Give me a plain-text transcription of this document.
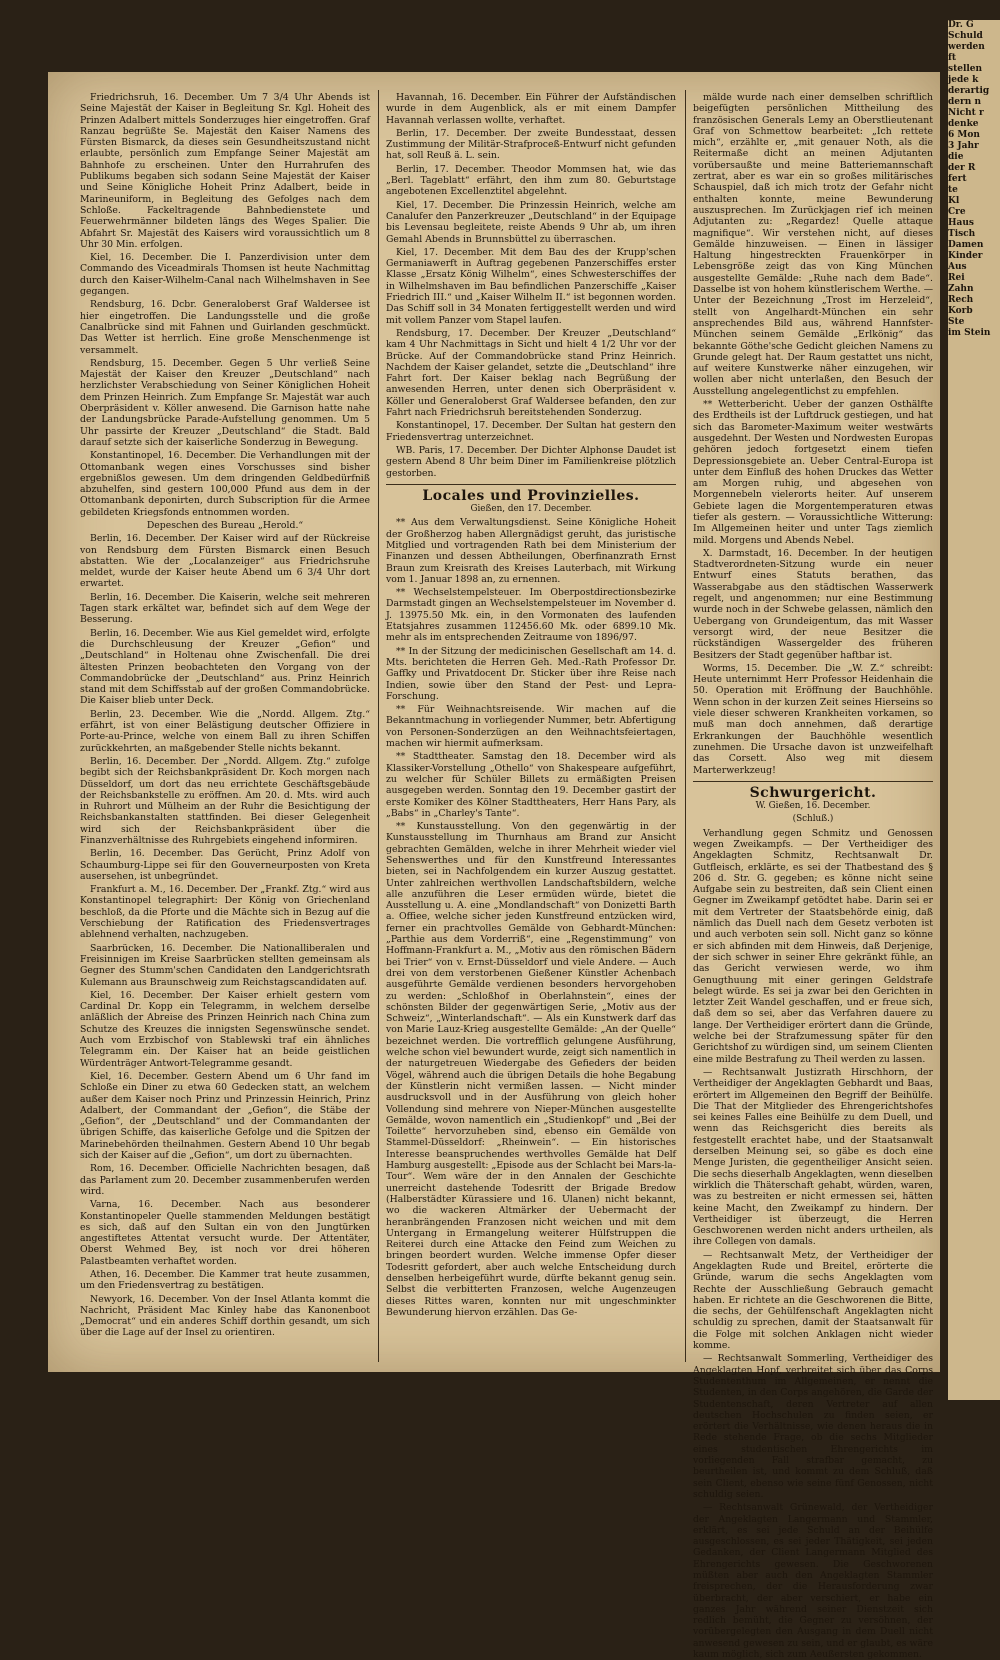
Friedrichsruh, 16. December. Um 7 3/4 Uhr Abends ist Seine Majestät der Kaiser in Begleitung Sr. Kgl. Hoheit des Prinzen Adalbert mittels Sonderzuges hier eingetroffen. Graf Ranzau begrüßte Se. Majestät den Kaiser Namens des Fürsten Bismarck, da dieses sein Gesundheitszustand nicht erlaubte, persönlich zum Empfange Seiner Majestät am Bahnhofe zu erscheinen. Unter den Hurrahrufen des Publikums begaben sich sodann Seine Majestät der Kaiser und Seine Königliche Hoheit Prinz Adalbert, beide in Marineuniform, in Begleitung des Gefolges nach dem Schloße. Fackeltragende Bahnbedienstete und Feuerwehrmänner bildeten längs des Weges Spalier. Die Abfahrt Sr. Majestät des Kaisers wird voraussichtlich um 8 Uhr 30 Min. erfolgen.

Kiel, 16. December. Die I. Panzerdivision unter dem Commando des Viceadmirals Thomsen ist heute Nachmittag durch den Kaiser-Wilhelm-Canal nach Wilhelmshaven in See gegangen.

Rendsburg, 16. Dcbr. Generaloberst Graf Waldersee ist hier eingetroffen. Die Landungsstelle und die große Canalbrücke sind mit Fahnen und Guirlanden geschmückt. Das Wetter ist herrlich. Eine große Menschenmenge ist versammelt.

Rendsburg, 15. December. Gegen 5 Uhr verließ Seine Majestät der Kaiser den Kreuzer „Deutschland“ nach herzlichster Verabschiedung von Seiner Königlichen Hoheit dem Prinzen Heinrich. Zum Empfange Sr. Majestät war auch Oberpräsident v. Köller anwesend. Die Garnison hatte nahe der Landungsbrücke Parade-Aufstellung genommen. Um 5 Uhr passirte der Kreuzer „Deutschland“ die Stadt. Bald darauf setzte sich der kaiserliche Sonderzug in Bewegung.

Konstantinopel, 16. December. Die Verhandlungen mit der Ottomanbank wegen eines Vorschusses sind bisher ergebnißlos gewesen. Um dem dringenden Geldbedürfniß abzuhelfen, sind gestern 100,000 Pfund aus dem in der Ottomanbank deponirten, durch Subscription für die Armee gebildeten Kriegsfonds entnommen worden.

Depeschen des Bureau „Herold.“

Berlin, 16. December. Der Kaiser wird auf der Rückreise von Rendsburg dem Fürsten Bismarck einen Besuch abstatten. Wie der „Localanzeiger“ aus Friedrichsruhe meldet, wurde der Kaiser heute Abend um 6 3/4 Uhr dort erwartet.

Berlin, 16. December. Die Kaiserin, welche seit mehreren Tagen stark erkältet war, befindet sich auf dem Wege der Besserung.

Berlin, 16. December. Wie aus Kiel gemeldet wird, erfolgte die Durchschleusung der Kreuzer „Gefion“ und „Deutschland“ in Holtenau ohne Zwischenfall. Die drei ältesten Prinzen beobachteten den Vorgang von der Commandobrücke der „Deutschland“ aus. Prinz Heinrich stand mit dem Schiffsstab auf der großen Commandobrücke. Die Kaiser blieb unter Deck.

Berlin, 23. December. Wie die „Nordd. Allgem. Ztg.“ erfährt, ist von einer Belästigung deutscher Offiziere in Porte-au-Prince, welche von einem Ball zu ihren Schiffen zurückkehrten, an maßgebender Stelle nichts bekannt.

Berlin, 16. December. Der „Nordd. Allgem. Ztg.“ zufolge begibt sich der Reichsbankpräsident Dr. Koch morgen nach Düsseldorf, um dort das neu errichtete Geschäftsgebäude der Reichsbankstelle zu eröffnen. Am 20. d. Mts. wird auch in Ruhrort und Mülheim an der Ruhr die Besichtigung der Reichsbankanstalten stattfinden. Bei dieser Gelegenheit wird sich der Reichsbankpräsident über die Finanzverhältnisse des Ruhrgebiets eingehend informiren.

Berlin, 16. December. Das Gerücht, Prinz Adolf von Schaumburg-Lippe sei für den Gouverneurposten von Kreta ausersehen, ist unbegründet.

Frankfurt a. M., 16. December. Der „Frankf. Ztg.“ wird aus Konstantinopel telegraphirt: Der König von Griechenland beschloß, da die Pforte und die Mächte sich in Bezug auf die Verschiebung der Ratification des Friedensvertrages ablehnend verhalten, nachzugeben.

Saarbrücken, 16. December. Die Nationalliberalen und Freisinnigen im Kreise Saarbrücken stellten gemeinsam als Gegner des Stumm'schen Candidaten den Landgerichtsrath Kulemann aus Braunschweig zum Reichstagscandidaten auf.

Kiel, 16. December. Der Kaiser erhielt gestern vom Cardinal Dr. Kopp ein Telegramm, in welchem derselbe anläßlich der Abreise des Prinzen Heinrich nach China zum Schutze des Kreuzes die innigsten Segenswünsche sendet. Auch vom Erzbischof von Stablewski traf ein ähnliches Telegramm ein. Der Kaiser hat an beide geistlichen Würdenträger Antwort-Telegramme gesandt.

Kiel, 16. December. Gestern Abend um 6 Uhr fand im Schloße ein Diner zu etwa 60 Gedecken statt, an welchem außer dem Kaiser noch Prinz und Prinzessin Heinrich, Prinz Adalbert, der Commandant der „Gefion“, die Stäbe der „Gefion“, der „Deutschland“ und der Commandanten der übrigen Schiffe, das kaiserliche Gefolge und die Spitzen der Marinebehörden theilnahmen. Gestern Abend 10 Uhr begab sich der Kaiser auf die „Gefion“, um dort zu übernachten.

Rom, 16. December. Officielle Nachrichten besagen, daß das Parlament zum 20. December zusammenberufen werden wird.

Varna, 16. December. Nach aus besonderer Konstantinopeler Quelle stammenden Meldungen bestätigt es sich, daß auf den Sultan ein von den Jungtürken angestiftetes Attentat versucht wurde. Der Attentäter, Oberst Wehmed Bey, ist noch vor drei höheren Palastbeamten verhaftet worden.

Athen, 16. December. Die Kammer trat heute zusammen, um den Friedensvertrag zu bestätigen.

Newyork, 16. December. Von der Insel Atlanta kommt die Nachricht, Präsident Mac Kinley habe das Kanonenboot „Democrat“ und ein anderes Schiff dorthin gesandt, um sich über die Lage auf der Insel zu orientiren.

Havannah, 16. December. Ein Führer der Aufständischen wurde in dem Augenblick, als er mit einem Dampfer Havannah verlassen wollte, verhaftet.

Berlin, 17. December. Der zweite Bundesstaat, dessen Zustimmung der Militär-Strafproceß-Entwurf nicht gefunden hat, soll Reuß ä. L. sein.

Berlin, 17. December. Theodor Mommsen hat, wie das „Berl. Tageblatt“ erfährt, den ihm zum 80. Geburtstage angebotenen Excellenztitel abgelehnt.

Kiel, 17. December. Die Prinzessin Heinrich, welche am Canalufer den Panzerkreuzer „Deutschland“ in der Equipage bis Levensau begleitete, reiste Abends 9 Uhr ab, um ihren Gemahl Abends in Brunnsbüttel zu überraschen.

Kiel, 17. December. Mit dem Bau des der Krupp'schen Germaniawerft in Auftrag gegebenen Panzerschiffes erster Klasse „Ersatz König Wilhelm“, eines Schwesterschiffes der in Wilhelmshaven im Bau befindlichen Panzerschiffe „Kaiser Friedrich III.“ und „Kaiser Wilhelm II.“ ist begonnen worden. Das Schiff soll in 34 Monaten fertiggestellt werden und wird mit vollem Panzer vom Stapel laufen.

Rendsburg, 17. December. Der Kreuzer „Deutschland“ kam 4 Uhr Nachmittags in Sicht und hielt 4 1/2 Uhr vor der Brücke. Auf der Commandobrücke stand Prinz Heinrich. Nachdem der Kaiser gelandet, setzte die „Deutschland“ ihre Fahrt fort. Der Kaiser beklag nach Begrüßung der anwesenden Herren, unter denen sich Oberpräsident v. Köller und Generaloberst Graf Waldersee befanden, den zur Fahrt nach Friedrichsruh bereitstehenden Sonderzug.

Konstantinopel, 17. December. Der Sultan hat gestern den Friedensvertrag unterzeichnet.

WB. Paris, 17. December. Der Dichter Alphonse Daudet ist gestern Abend 8 Uhr beim Diner im Familienkreise plötzlich gestorben.

Locales und Provinzielles.

Gießen, den 17. December.

** Aus dem Verwaltungsdienst. Seine Königliche Hoheit der Großherzog haben Allergnädigst geruht, das juristische Mitglied und vortragenden Rath bei dem Ministerium der Finanzen und dessen Abtheilungen, Oberfinanzrath Ernst Braun zum Kreisrath des Kreises Lauterbach, mit Wirkung vom 1. Januar 1898 an, zu ernennen.

** Wechselstempelsteuer. Im Oberpostdirectionsbezirke Darmstadt gingen an Wechselstempelsteuer im November d. J. 13975.50 Mk. ein, in den Vormonaten des laufenden Etatsjahres zusammen 112456.60 Mk. oder 6899.10 Mk. mehr als im entsprechenden Zeitraume von 1896/97.

** In der Sitzung der medicinischen Gesellschaft am 14. d. Mts. berichteten die Herren Geh. Med.-Rath Professor Dr. Gaffky und Privatdocent Dr. Sticker über ihre Reise nach Indien, sowie über den Stand der Pest- und Lepra-Forschung.

** Für Weihnachtsreisende. Wir machen auf die Bekanntmachung in vorliegender Nummer, betr. Abfertigung von Personen-Sonderzügen an den Weihnachtsfeiertagen, machen wir hiermit aufmerksam.

** Stadttheater. Samstag den 18. December wird als Klassiker-Vorstellung „Othello“ von Shakespeare aufgeführt, zu welcher für Schüler Billets zu ermäßigten Preisen ausgegeben werden. Sonntag den 19. December gastirt der erste Komiker des Kölner Stadttheaters, Herr Hans Pary, als „Babs“ in „Charley's Tante“.

** Kunstausstellung. Von den gegenwärtig in der Kunstausstellung im Thurnhaus am Brand zur Ansicht gebrachten Gemälden, welche in ihrer Mehrheit wieder viel Sehenswerthes und für den Kunstfreund Interessantes bieten, sei in Nachfolgendem ein kurzer Auszug gestattet. Unter zahlreichen werthvollen Landschaftsbildern, welche alle anzuführen die Leser ermüden würde, bietet die Ausstellung u. A. eine „Mondlandschaft“ von Donizetti Barth a. Offiee, welche sicher jeden Kunstfreund entzücken wird, ferner ein prachtvolles Gemälde von Gebhardt-München: „Parthie aus dem Vorderriß“, eine „Regenstimmung“ von Hoffmann-Frankfurt a. M., „Motiv aus den römischen Bädern bei Trier“ von v. Ernst-Düsseldorf und viele Andere. — Auch drei von dem verstorbenen Gießener Künstler Achenbach ausgeführte Gemälde verdienen besonders hervorgehoben zu werden: „Schloßhof in Oberlahnstein“, eines der schönsten Bilder der gegenwärtigen Serie, „Motiv aus der Schweiz“, „Winterlandschaft“. — Als ein Kunstwerk darf das von Marie Lauz-Krieg ausgestellte Gemälde: „An der Quelle“ bezeichnet werden. Die vortrefflich gelungene Ausführung, welche schon viel bewundert wurde, zeigt sich namentlich in der naturgetreuen Wiedergabe des Gefieders der beiden Vögel, während auch die übrigen Details die hohe Begabung der Künstlerin nicht vermißen lassen. — Nicht minder ausdrucksvoll und in der Ausführung von gleich hoher Vollendung sind mehrere von Nieper-München ausgestellte Gemälde, wovon namentlich ein „Studienkopf“ und „Bei der Toilette“ hervorzuheben sind, ebenso ein Gemälde von Stammel-Düsseldorf: „Rheinwein“. — Ein historisches Interesse beanspruchendes werthvolles Gemälde hat Delf Hamburg ausgestellt: „Episode aus der Schlacht bei Mars-la-Tour“. Wem wäre der in den Annalen der Geschichte unerreicht dastehende Todesritt der Brigade Bredow (Halberstädter Kürassiere und 16. Ulanen) nicht bekannt, wo die wackeren Altmärker der Uebermacht der heranbrängenden Franzosen nicht weichen und mit dem Untergang in Ermangelung weiterer Hülfstruppen die Reiterei durch eine Attacke den Feind zum Weichen zu bringen beordert wurden. Welche immense Opfer dieser Todesritt gefordert, aber auch welche Entscheidung durch denselben herbeigeführt wurde, dürfte bekannt genug sein. Selbst die verbitterten Franzosen, welche Augenzeugen dieses Rittes waren, konnten nur mit ungeschminkter Bewunderung hiervon erzählen. Das Ge-

mälde wurde nach einer demselben schriftlich beigefügten persönlichen Mittheilung des französischen Generals Lemy an Oberstlieutenant Graf von Schmettow bearbeitet: „Ich rettete mich“, erzählte er, „mit genauer Noth, als die Reitermaße dicht an meinen Adjutanten vorübersaußte und meine Batteriemannschaft zertrat, aber es war ein so großes militärisches Schauspiel, daß ich mich trotz der Gefahr nicht enthalten konnte, meine Bewunderung auszusprechen. Im Zurückjagen rief ich meinen Adjutanten zu: „Regardez! Quelle attaque magnifique“. Wir verstehen nicht, auf dieses Gemälde hinzuweisen. — Einen in lässiger Haltung hingestreckten Frauenkörper in Lebensgröße zeigt das von King München ausgestellte Gemälde: „Ruhe nach dem Bade“. Dasselbe ist von hohem künstlerischem Werthe. — Unter der Bezeichnung „Trost im Herzeleid“, stellt von Angelhardt-München ein sehr ansprechendes Bild aus, während Hannfster-München seinem Gemälde „Erlkönig“ das bekannte Göthe'sche Gedicht gleichen Namens zu Grunde gelegt hat. Der Raum gestattet uns nicht, auf weitere Kunstwerke näher einzugehen, wir wollen aber nicht unterlaßen, den Besuch der Ausstellung angelegentlichst zu empfehlen.

** Wetterbericht. Ueber der ganzen Osthälfte des Erdtheils ist der Luftdruck gestiegen, und hat sich das Barometer-Maximum weiter westwärts ausgedehnt. Der Westen und Nordwesten Europas gehören jedoch fortgesetzt einem tiefen Depressionsgebiete an. Ueber Central-Europa ist unter dem Einfluß des hohen Druckes das Wetter am Morgen ruhig, und abgesehen von Morgennebeln vielerorts heiter. Auf unserem Gebiete lagen die Morgentemperaturen etwas tiefer als gestern. — Voraussichtliche Witterung: Im Allgemeinen heiter und unter Tags ziemlich mild. Morgens und Abends Nebel.

X. Darmstadt, 16. December. In der heutigen Stadtverordneten-Sitzung wurde ein neuer Entwurf eines Statuts berathen, das Wasserabgabe aus den städtischen Wasserwerk regelt, und angenommen; nur eine Bestimmung wurde noch in der Schwebe gelassen, nämlich den Uebergang von Grundeigentum, das mit Wasser versorgt wird, der neue Besitzer die rückständigen Wassergelder des früheren Besitzers der Stadt gegenüber haftbar ist.

Worms, 15. December. Die „W. Z.“ schreibt: Heute unternimmt Herr Professor Heidenhain die 50. Operation mit Eröffnung der Bauchhöhle. Wenn schon in der kurzen Zeit seines Hierseins so viele dieser schweren Krankheiten vorkamen, so muß man doch annehmen, daß derartige Erkrankungen der Bauchhöhle wesentlich zunehmen. Die Ursache davon ist unzweifelhaft das Corsett. Also weg mit diesem Marterwerkzeug!

Schwurgericht.

W. Gießen, 16. December.

(Schluß.)

Verhandlung gegen Schmitz und Genossen wegen Zweikampfs. — Der Vertheidiger des Angeklagten Schmitz, Rechtsanwalt Dr. Gutfleisch, erklärte, es sei der Thatbestand des § 206 d. Str. G. gegeben; es könne nicht seine Aufgabe sein zu bestreiten, daß sein Client einen Gegner im Zweikampf getödtet habe. Darin sei er mit dem Vertreter der Staatsbehörde einig, daß nämlich das Duell nach dem Gesetz verboten ist und auch verboten sein soll. Nicht ganz so könne er sich abfinden mit dem Hinweis, daß Derjenige, der sich schwer in seiner Ehre gekränkt fühle, an das Gericht verwiesen werde, wo ihm Genugthuung mit einer geringen Geldstrafe belegt würde. Es sei ja zwar bei den Gerichten in letzter Zeit Wandel geschaffen, und er freue sich, daß dem so sei, aber das Verfahren dauere zu lange. Der Vertheidiger erörtert dann die Gründe, welche bei der Strafzumessung später für den Gerichtshof zu würdigen sind, um seinem Clienten eine milde Bestrafung zu Theil werden zu lassen.

— Rechtsanwalt Justizrath Hirschhorn, der Vertheidiger der Angeklagten Gebhardt und Baas, erörtert im Allgemeinen den Begriff der Beihülfe. Die That der Mitglieder des Ehrengerichtshofes sei keines Falles eine Beihülfe zu dem Duell, und wenn das Reichsgericht dies bereits als festgestellt erachtet habe, und der Staatsanwalt derselben Meinung sei, so gäbe es doch eine Menge Juristen, die gegentheiliger Ansicht seien. Die sechs dieserhalb Angeklagten, wenn dieselben wirklich die Thäterschaft gehabt, würden, waren, was zu bestreiten er nicht ermessen sei, hätten keine Macht, den Zweikampf zu hindern. Der Vertheidiger ist überzeugt, die Herren Geschworenen werden nicht anders urtheilen, als ihre Collegen von damals.

— Rechtsanwalt Metz, der Vertheidiger der Angeklagten Rude und Breitel, erörterte die Gründe, warum die sechs Angeklagten vom Rechte der Ausschließung Gebrauch gemacht haben. Er richtete an die Geschworenen die Bitte, die sechs, der Gehülfenschaft Angeklagten nicht schuldig zu sprechen, damit der Staatsanwalt für die Folge mit solchen Anklagen nicht wieder komme.

— Rechtsanwalt Sommerling, Vertheidiger des Angeklagten Hopf, verbreitet sich über das Corps Studententhum im Allgemeinen, er nennt die Studenten, in den Corps angehören, die Garde der Studentenschaft, deren Vertreter auf allen deutschen Hochschulen zu finden seien, er erörtert die Verhältnisse, wie denen heraus die in Rede stehende Frage, ob die sechs Mitglieder eines studentischen Ehrengerichts im vorliegenden Fall strafbar gemacht, zu beurtheilen ist, und kommt zu dem Schluß, daß sein Client, ebenso wie seine fünf Genossen, nicht schuldig seien.

— Rechtsanwalt Grünewald, der Vertheidiger der Angeklagten Langermann und Stammler, erklärt, es sei jede Schuld an der Beihülfe ausgeschlossen, es sei jeder Thätigkeit, sei jeden Gedanken, der Client Langermann Mitglied des Ehrengerichts gewesen. Die Geschworenen müßten aber auch den Angeklagten Stammler freisprechen, der die Herausforderung zwar überbracht, der aber verschiert, er habe ein ganzes Jahr während seiner Dienstzeit sich redlich bemüht, die Gegner zu versöhnen, der vorübergelegten den Ausgang in dem Duell nicht anwesend gewesen zu sein, und er glaubt, es wäre kaum möglich, sich zum Aeußersten gekommen.

Dr. G

Schuld

werden

ft

stellen

jede k

derartig

dern n

Nicht r

denke

6 Mon

3 Jahr

die

der R

fert

te

Kl

Cre

Haus

Tisch

Damen

Kinder

Aus

Rei

Zahn

Rech

Korb

Ste

im Stein
